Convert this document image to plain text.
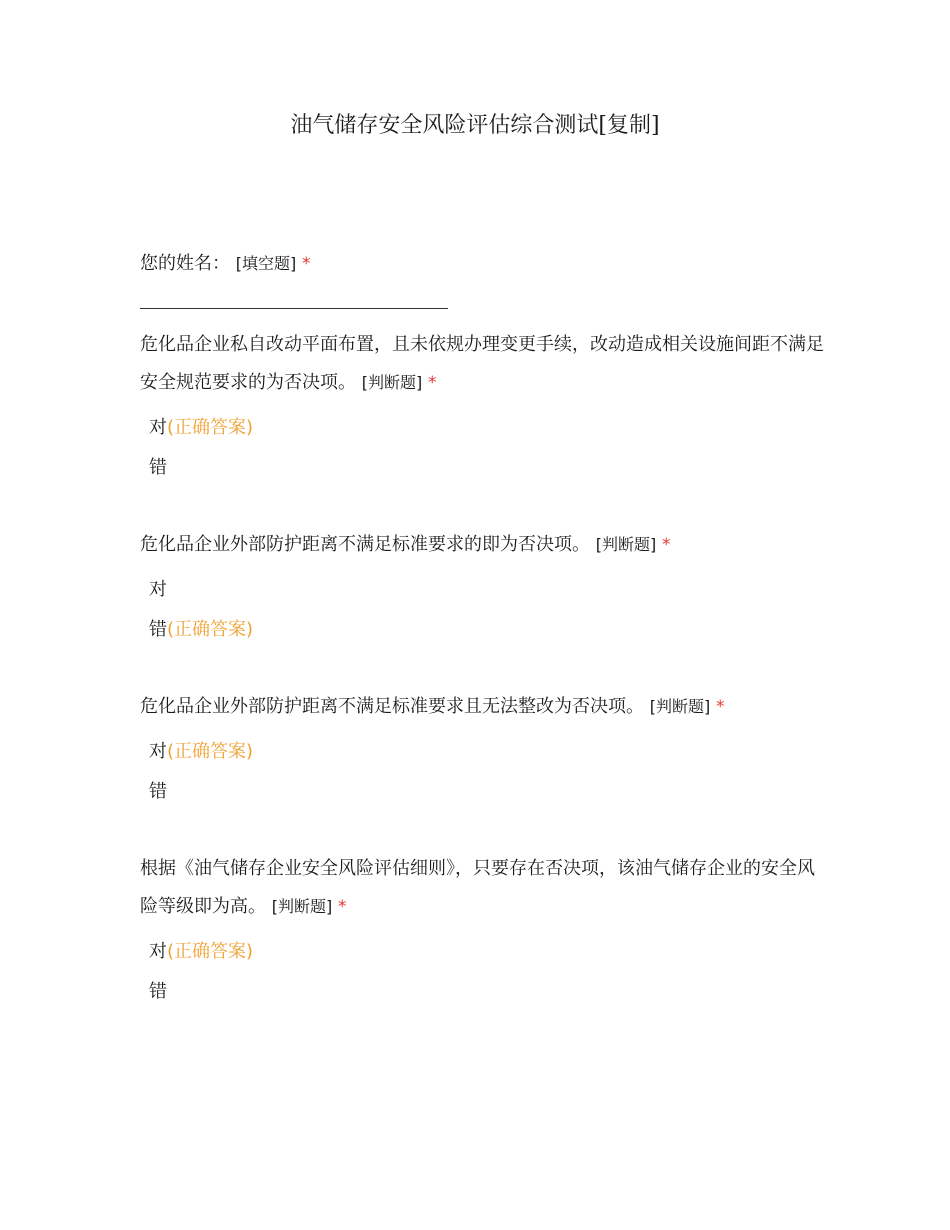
油气储存安全风险评估综合测试[复制]
您的姓名： [填空题] *
危化品企业私自改动平面布置，且未依规办理变更手续，改动造成相关设施间距不满足安全规范要求的为否决项。 [判断题] *
对(正确答案)
错
危化品企业外部防护距离不满足标准要求的即为否决项。 [判断题] *
对
错(正确答案)
危化品企业外部防护距离不满足标准要求且无法整改为否决项。 [判断题] *
对(正确答案)
错
根据《油气储存企业安全风险评估细则》，只要存在否决项，该油气储存企业的安全风险等级即为高。 [判断题] *
对(正确答案)
错
